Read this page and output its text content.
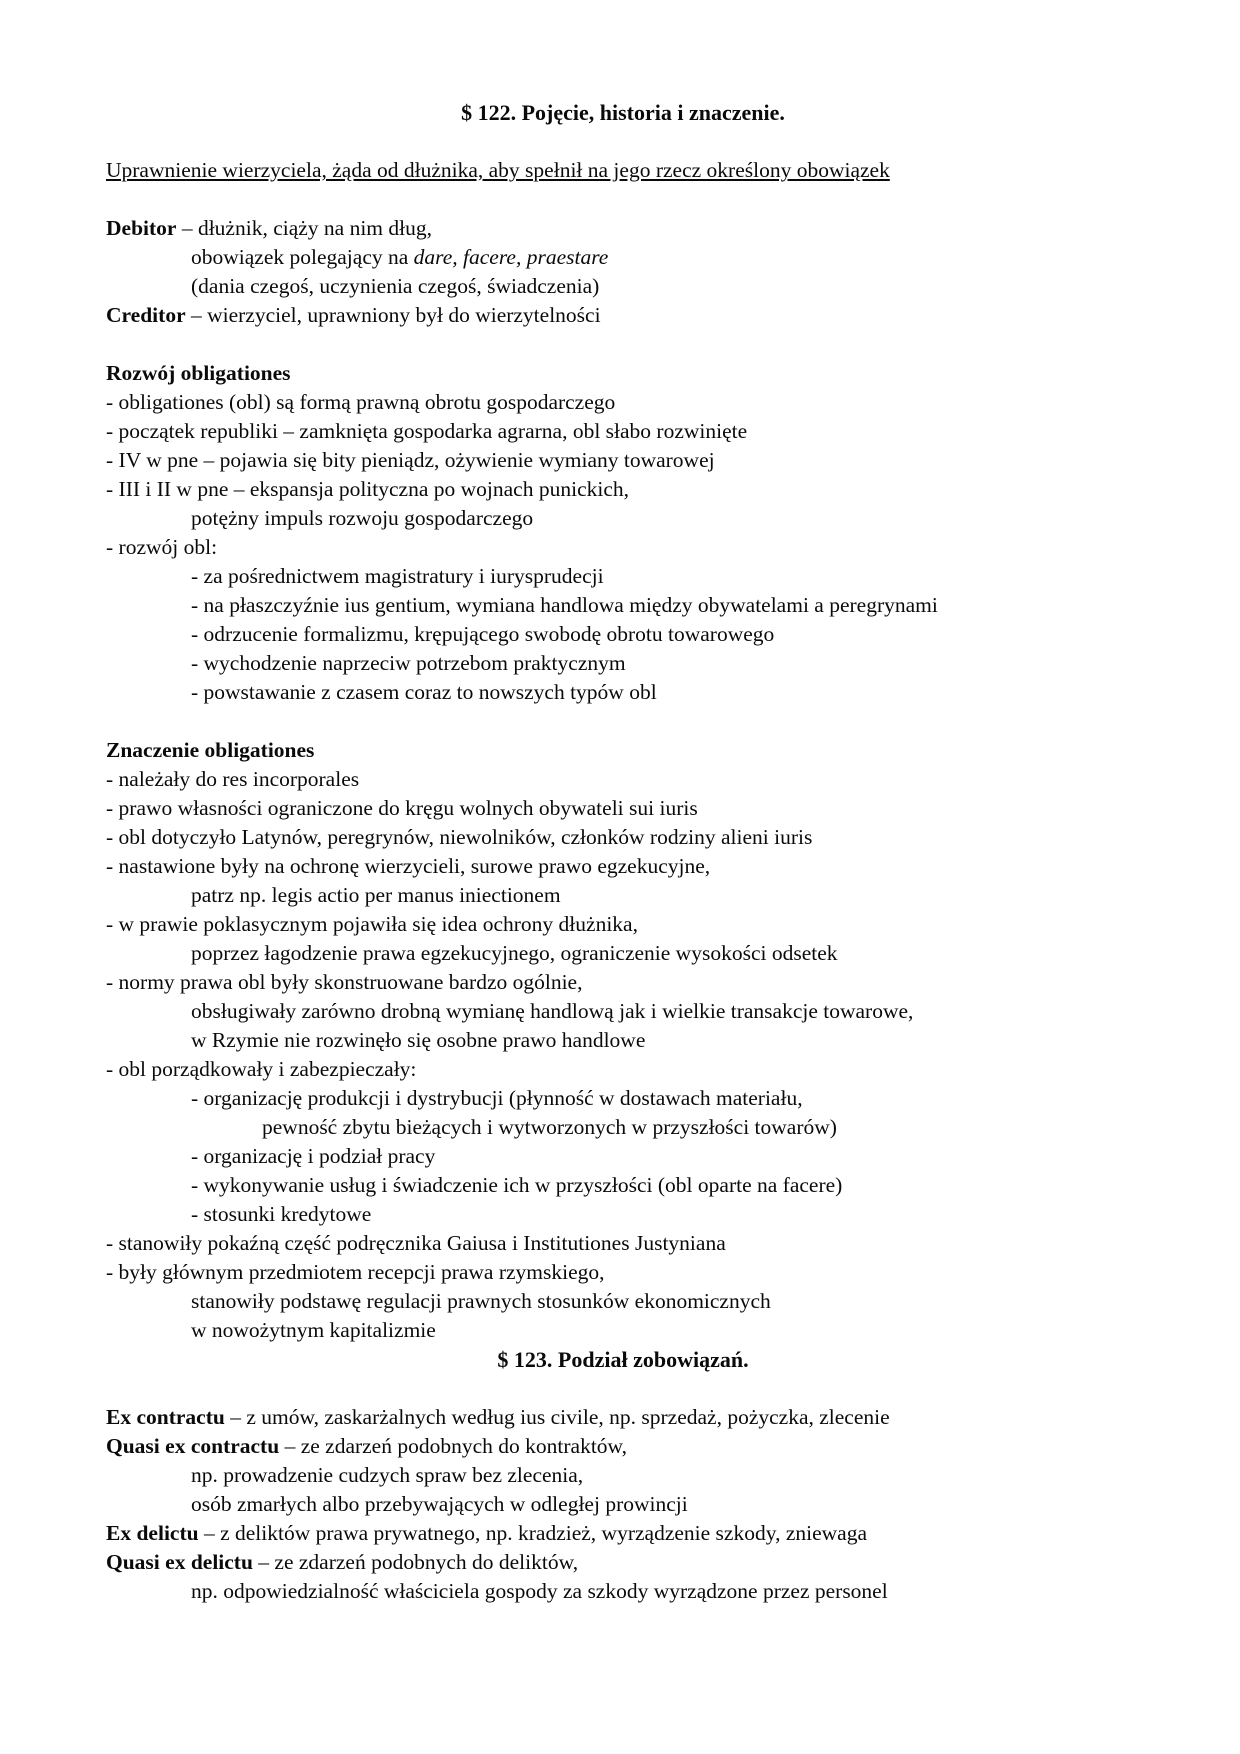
$ 122. Pojęcie, historia i znaczenie.

Uprawnienie wierzyciela, żąda od dłużnika, aby spełnił na jego rzecz określony obowiązek

Debitor – dłużnik, ciąży na nim dług,

obowiązek polegający na dare, facere, praestare

(dania czegoś, uczynienia czegoś, świadczenia)

Creditor – wierzyciel, uprawniony był do wierzytelności

Rozwój obligationes

- obligationes (obl) są formą prawną obrotu gospodarczego

- początek republiki – zamknięta gospodarka agrarna, obl słabo rozwinięte

- IV w pne – pojawia się bity pieniądz, ożywienie wymiany towarowej

- III i II w pne – ekspansja polityczna po wojnach punickich,

potężny impuls rozwoju gospodarczego

- rozwój obl:

- za pośrednictwem magistratury i iurysprudecji

- na płaszczyźnie ius gentium, wymiana handlowa między obywatelami a peregrynami

- odrzucenie formalizmu, krępującego swobodę obrotu towarowego

- wychodzenie naprzeciw potrzebom praktycznym

- powstawanie z czasem coraz to nowszych typów obl

Znaczenie obligationes

- należały do res incorporales

- prawo własności ograniczone do kręgu wolnych obywateli sui iuris

- obl dotyczyło Latynów, peregrynów, niewolników, członków rodziny alieni iuris

- nastawione były na ochronę wierzycieli, surowe prawo egzekucyjne,

patrz np. legis actio per manus iniectionem

- w prawie poklasycznym pojawiła się idea ochrony dłużnika,

poprzez łagodzenie prawa egzekucyjnego, ograniczenie wysokości odsetek

- normy prawa obl były skonstruowane bardzo ogólnie,

obsługiwały zarówno drobną wymianę handlową jak i wielkie transakcje towarowe,

w Rzymie nie rozwinęło się osobne prawo handlowe

- obl porządkowały i zabezpieczały:

- organizację produkcji i dystrybucji (płynność w dostawach materiału,

pewność zbytu bieżących i wytworzonych w przyszłości towarów)

- organizację i podział pracy

- wykonywanie usług i świadczenie ich w przyszłości (obl oparte na facere)

- stosunki kredytowe

- stanowiły pokaźną część podręcznika Gaiusa i Institutiones Justyniana

- były głównym przedmiotem recepcji prawa rzymskiego,

stanowiły podstawę regulacji prawnych stosunków ekonomicznych

w nowożytnym kapitalizmie

$ 123. Podział zobowiązań.

Ex contractu – z umów, zaskarżalnych według ius civile, np. sprzedaż, pożyczka, zlecenie

Quasi ex contractu – ze zdarzeń podobnych do kontraktów,

np. prowadzenie cudzych spraw bez zlecenia,

osób zmarłych albo przebywających w odległej prowincji

Ex delictu – z deliktów prawa prywatnego, np. kradzież, wyrządzenie szkody, zniewaga

Quasi ex delictu – ze zdarzeń podobnych do deliktów,

np. odpowiedzialność właściciela gospody za szkody wyrządzone przez personel
